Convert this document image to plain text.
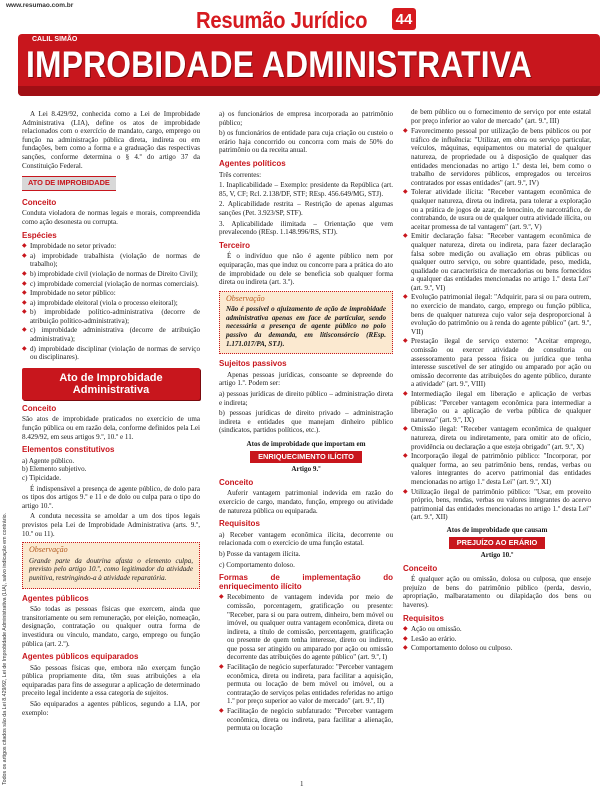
www.resumao.com.br
Resumão Jurídico 44
CALIL SIMÃO
IMPROBIDADE ADMINISTRATIVA
Todos os artigos citados são da Lei 8.429/92, Lei de Improbidade Administrativa (LIA), salvo indicação em contrário.

A Lei 8.429/92, conhecida como a Lei de Improbidade Administrativa (LIA), define os atos de improbidade relacionados com o exercício de mandato, cargo, emprego ou função na administração pública direta, indireta ou em fundações, bem como a forma e a graduação das respectivas sanções, conforme determina o § 4.º do artigo 37 da Constituição Federal.

ATO DE IMPROBIDADE
Conceito

Conduta violadora de normas legais e morais, compreendida como ação desonesta ou corrupta.

Espécies
◆ Improbidade no setor privado:
◆ a) improbidade trabalhista (violação de normas de trabalho);
◆ b) improbidade civil (violação de normas de Direito Civil);
◆ c) improbidade comercial (violação de normas comerciais).
◆ Improbidade no setor público:
◆ a) improbidade eleitoral (viola o processo eleitoral);
◆ b) improbidade político-administrativa (decorre de atribuição político-administrativa);
◆ c) improbidade administrativa (decorre de atribuição administrativa);
◆ d) improbidade disciplinar (violação de normas de serviço ou disciplinares).
Ato de Improbidade Administrativa
Conceito

São atos de improbidade praticados no exercício de uma função pública ou em razão dela, conforme definidos pela Lei 8.429/92, em seus artigos 9.º, 10.º e 11.

Elementos constitutivos

a) Agente público.

b) Elemento subjetivo.

c) Tipicidade.

É indispensável a presença de agente público, de dolo para os tipos dos artigos 9.º e 11 e de dolo ou culpa para o tipo do artigo 10.º.

A conduta necessita se amoldar a um dos tipos legais previstos pela Lei de Improbidade Administrativa (arts. 9.º, 10.º ou 11).

Observação

Grande parte da doutrina afasta o elemento culpa, previsto pelo artigo 10.º, como legitimador da atividade punitiva, restringindo-a à atividade reparatória.

Agentes públicos

São todas as pessoas físicas que exercem, ainda que transitoriamente ou sem remuneração, por eleição, nomeação, designação, contratação ou qualquer outra forma de investidura ou vínculo, mandato, cargo, emprego ou função pública (art. 2.º).

Agentes públicos equiparados

São pessoas físicas que, embora não exerçam função pública propriamente dita, têm suas atribuições a ela equiparadas para fins de assegurar a aplicação de determinado preceito legal incidente a essa categoria de sujeitos.

São equiparados a agentes públicos, segundo a LIA, por exemplo:

a) os funcionários de empresa incorporada ao patrimônio público;

b) os funcionários de entidade para cuja criação ou custeio o erário haja concorrido ou concorra com mais de 50% do patrimônio ou da receita anual.

Agentes políticos

Três correntes:

1. Inaplicabilidade – Exemplo: presidente da República (art. 85, V, CF; Rcl. 2.138/DF, STF; REsp. 456.649/MG, STJ).

2. Aplicabilidade restrita – Restrição de apenas algumas sanções (Pet. 3.923/SP, STF).

3. Aplicabilidade ilimitada – Orientação que vem prevalecendo (REsp. 1.148.996/RS, STJ).

Terceiro

É o indivíduo que não é agente público nem por equiparação, mas que induz ou concorre para a prática do ato de improbidade ou dele se beneficia sob qualquer forma direta ou indireta (art. 3.º).

Observação

Não é possível o ajuizamento de ação de improbidade administrativa apenas em face de particular, sendo necessária a presença de agente público no polo passivo da demanda, em litisconsórcio (REsp. 1.171.017/PA, STJ).

Sujeitos passivos

Apenas pessoas jurídicas, consoante se depreende do artigo 1.º. Podem ser:

a) pessoas jurídicas de direito público – administração direta e indireta;

b) pessoas jurídicas de direito privado – administração indireta e entidades que manejam dinheiro público (sindicatos, partidos políticos, etc.).

Atos de improbidade que importam em

ENRIQUECIMENTO ILÍCITO

Artigo 9.º

Conceito

Auferir vantagem patrimonial indevida em razão do exercício de cargo, mandato, função, emprego ou atividade de natureza pública ou equiparada.

Requisitos

a) Receber vantagem econômica ilícita, decorrente ou relacionada com o exercício de uma função estatal.

b) Posse da vantagem ilícita.

c) Comportamento doloso.

Formas de implementação do enriquecimento ilícito
◆ Recebimento de vantagem indevida por meio de comissão, porcentagem, gratificação ou presente: "Receber, para si ou para outrem, dinheiro, bem móvel ou imóvel, ou qualquer outra vantagem econômica, direta ou indireta, a título de comissão, percentagem, gratificação ou presente de quem tenha interesse, direto ou indireto, que possa ser atingido ou amparado por ação ou omissão decorrente das atribuições do agente público" (art. 9.º, I)
◆ Facilitação de negócio superfaturado: "Perceber vantagem econômica, direta ou indireta, para facilitar a aquisição, permuta ou locação de bem móvel ou imóvel, ou a contratação de serviços pelas entidades referidas no artigo 1.º por preço superior ao valor de mercado" (art. 9.º, II)
◆ Facilitação de negócio subfaturado: "Perceber vantagem econômica, direta ou indireta, para facilitar a alienação, permuta ou locação

de bem público ou o fornecimento de serviço por ente estatal por preço inferior ao valor de mercado" (art. 9.º, III)

◆ Favorecimento pessoal por utilização de bens públicos ou por tráfico de influência: "Utilizar, em obra ou serviço particular, veículos, máquinas, equipamentos ou material de qualquer natureza, de propriedade ou à disposição de qualquer das entidades mencionadas no artigo 1.º desta lei, bem como o trabalho de servidores públicos, empregados ou terceiros contratados por essas entidades" (art. 9.º, IV)
◆ Tolerar atividade ilícita: "Receber vantagem econômica de qualquer natureza, direta ou indireta, para tolerar a exploração ou a prática de jogos de azar, de lenocínio, de narcotráfico, de contrabando, de usura ou de qualquer outra atividade ilícita, ou aceitar promessa de tal vantagem" (art. 9.º, V)
◆ Emitir declaração falsa: "Receber vantagem econômica de qualquer natureza, direta ou indireta, para fazer declaração falsa sobre medição ou avaliação em obras públicas ou qualquer outro serviço, ou sobre quantidade, peso, medida, qualidade ou característica de mercadorias ou bens fornecidos a qualquer das entidades mencionadas no artigo 1.º desta Lei" (art. 9.º, VI)
◆ Evolução patrimonial ilegal: "Adquirir, para si ou para outrem, no exercício de mandato, cargo, emprego ou função pública, bens de qualquer natureza cujo valor seja desproporcional à evolução do patrimônio ou à renda do agente público" (art. 9.º, VII)
◆ Prestação ilegal de serviço externo: "Aceitar emprego, comissão ou exercer atividade de consultoria ou assessoramento para pessoa física ou jurídica que tenha interesse suscetível de ser atingido ou amparado por ação ou omissão decorrente das atribuições do agente público, durante a atividade" (art. 9.º, VIII)
◆ Intermediação ilegal em liberação e aplicação de verbas públicas: "Perceber vantagem econômica para intermediar a liberação ou a aplicação de verba pública de qualquer natureza" (art. 9.º, IX)
◆ Omissão ilegal: "Receber vantagem econômica de qualquer natureza, direta ou indiretamente, para omitir ato de ofício, providência ou declaração a que esteja obrigado" (art. 9.º, X)
◆ Incorporação ilegal de patrimônio público: "Incorporar, por qualquer forma, ao seu patrimônio bens, rendas, verbas ou valores integrantes do acervo patrimonial das entidades mencionadas no artigo 1.º desta Lei" (art. 9.º, XI)
◆ Utilização ilegal de patrimônio público: "Usar, em proveito próprio, bens, rendas, verbas ou valores integrantes do acervo patrimonial das entidades mencionadas no artigo 1.º desta Lei" (art. 9.º, XII)

Atos de improbidade que causam

PREJUÍZO AO ERÁRIO

Artigo 10.º

Conceito

É qualquer ação ou omissão, dolosa ou culposa, que enseje prejuízo de bens do patrimônio público (perda, desvio, apropriação, malbaratamento ou dilapidação dos bens ou haveres).

Requisitos
◆ Ação ou omissão.
◆ Lesão ao erário.
◆ Comportamento doloso ou culposo.
1
